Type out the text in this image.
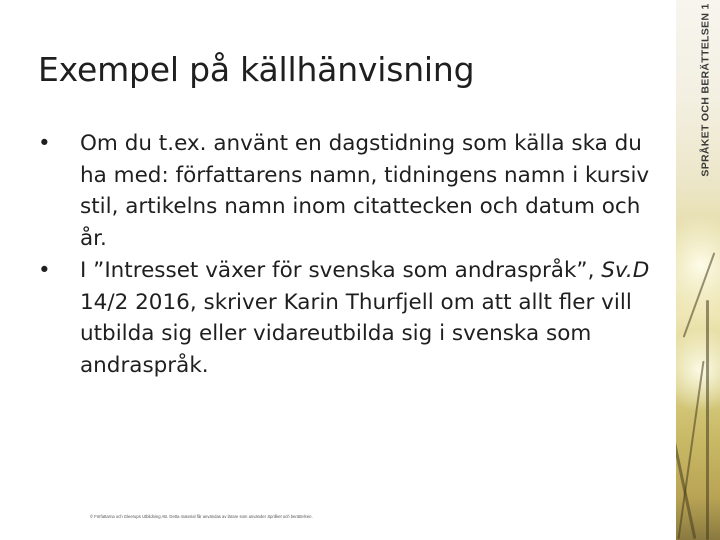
SPRÅKET OCH BERÄTTELSEN 1
Exempel på källhänvisning
• Om du t.ex. använt en dagstidning som källa ska du ha med: författarens namn, tidningens namn i kursiv stil, artikelns namn inom citattecken och datum och år.
• I ”Intresset växer för svenska som andraspråk”, Sv.D 14/2 2016, skriver Karin Thurfjell om att allt fler vill utbilda sig eller vidareutbilda sig i svenska som andraspråk.
© Författarna och Gleerups Utbildning AB. Detta material får användas av lärare som använder Språket och berättelsen.
